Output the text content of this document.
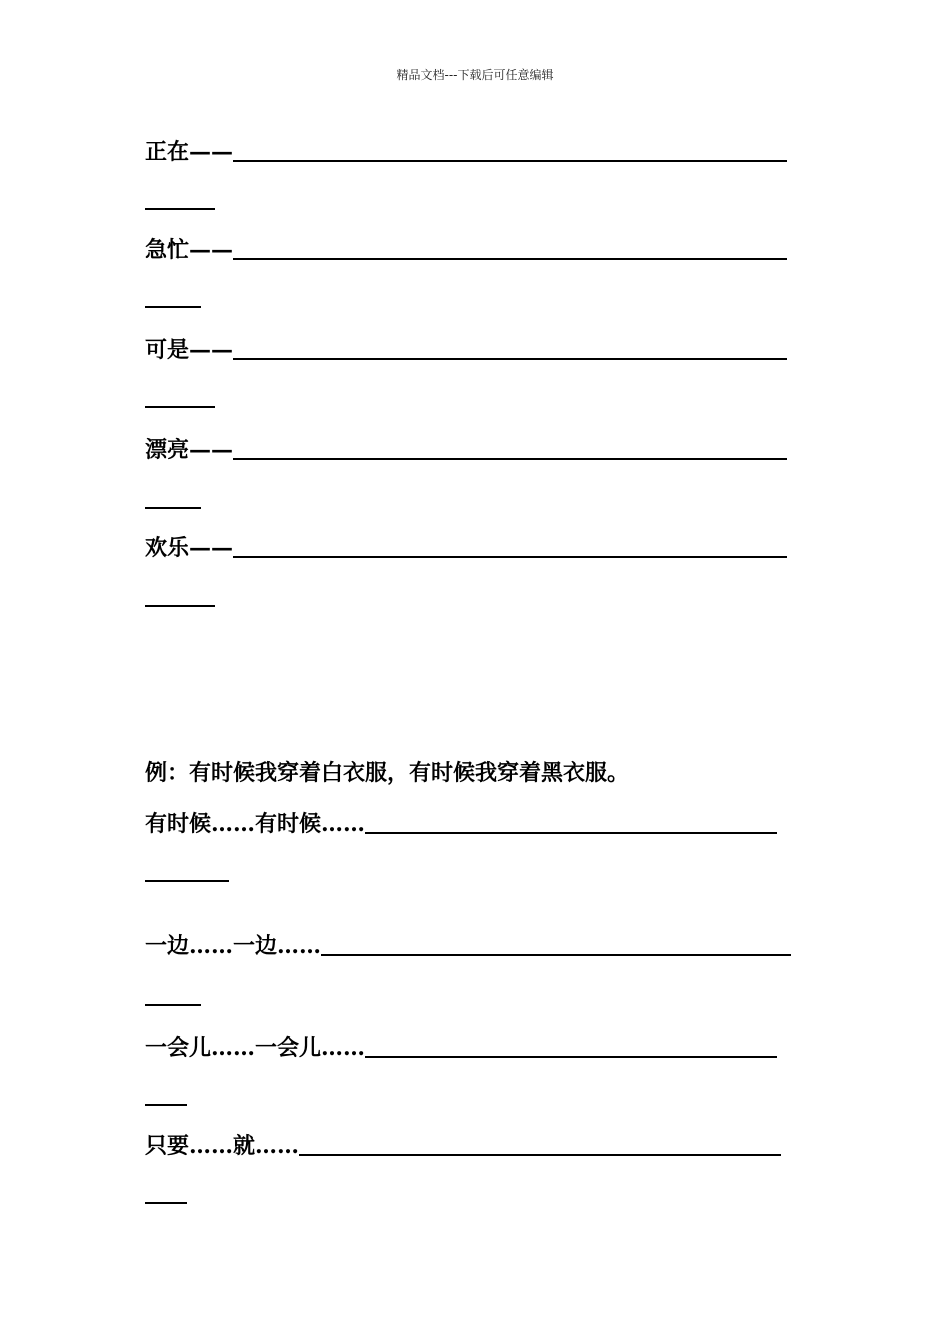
精品文档---下载后可任意编辑
正在——
急忙——
可是——
漂亮——
欢乐——
例：有时候我穿着白衣服，有时候我穿着黑衣服。
有时候……有时候……
一边……一边……
一会儿……一会儿……
只要……就……
